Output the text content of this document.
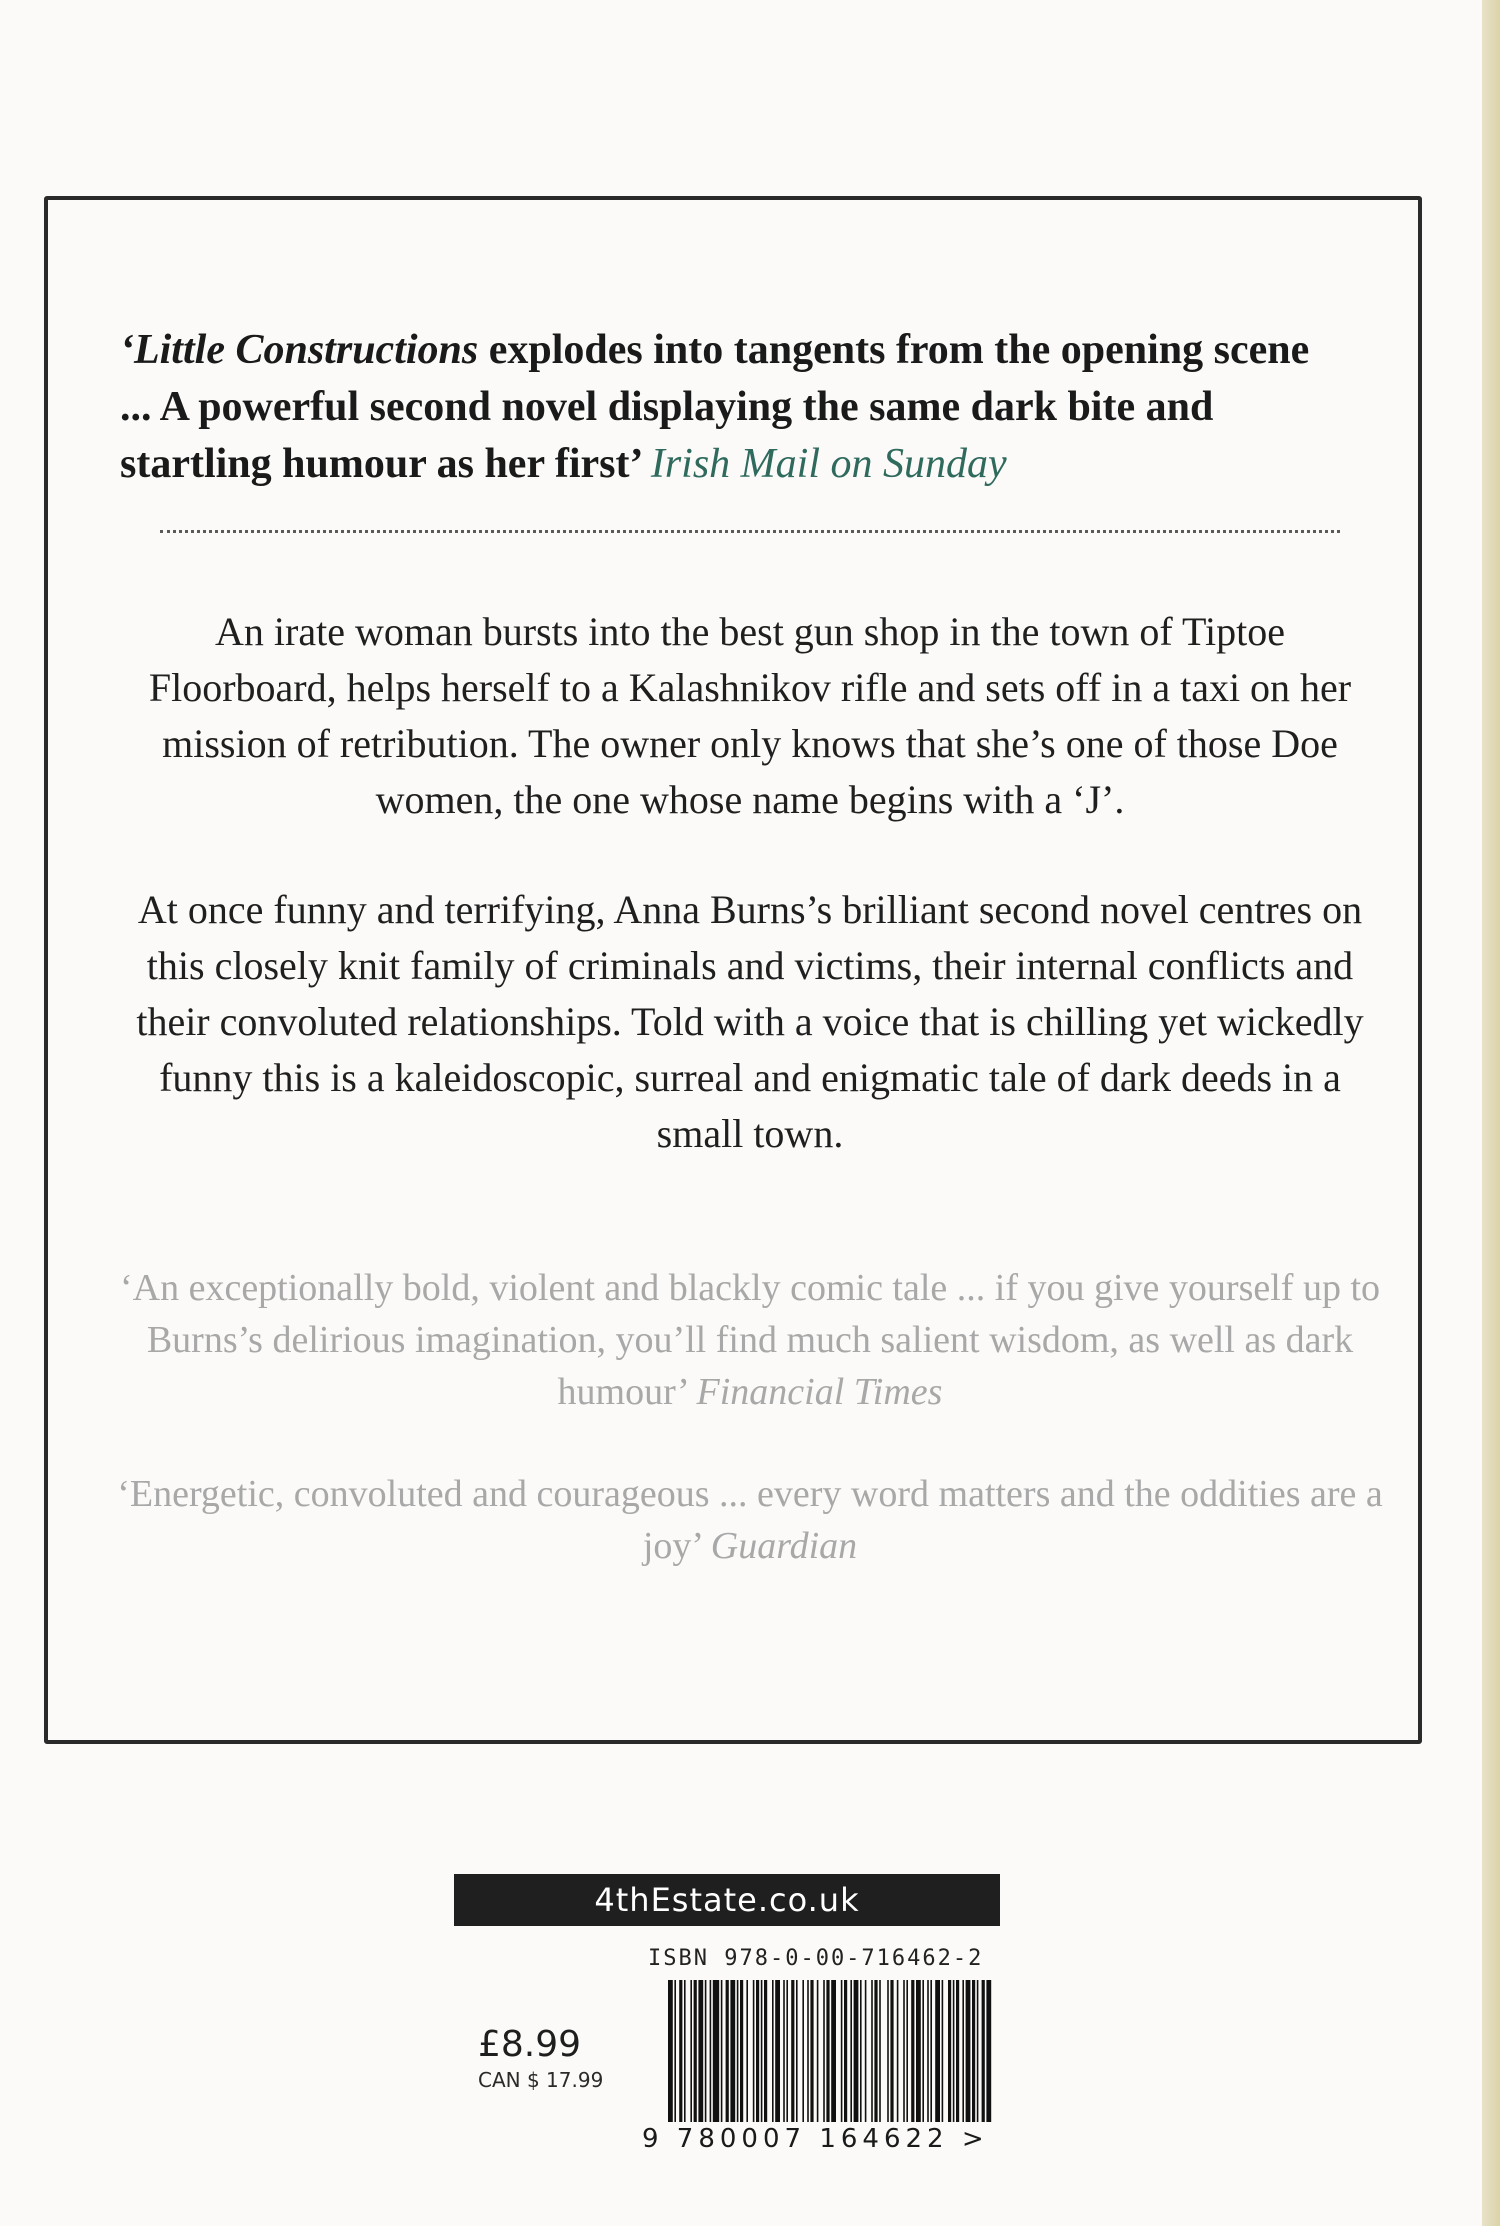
‘Little Constructions explodes into tangents from the opening scene ... A powerful second novel displaying the same dark bite and startling humour as her first’ Irish Mail on Sunday
An irate woman bursts into the best gun shop in the town of Tiptoe Floorboard, helps herself to a Kalashnikov rifle and sets off in a taxi on her mission of retribution. The owner only knows that she’s one of those Doe women, the one whose name begins with a ‘J’.
At once funny and terrifying, Anna Burns’s brilliant second novel centres on this closely knit family of criminals and victims, their internal conflicts and their convoluted relationships. Told with a voice that is chilling yet wickedly funny this is a kaleidoscopic, surreal and enigmatic tale of dark deeds in a small town.
‘An exceptionally bold, violent and blackly comic tale ... if you give yourself up to Burns’s delirious imagination, you’ll find much salient wisdom, as well as dark humour’ Financial Times
‘Energetic, convoluted and courageous ... every word matters and the oddities are a joy’ Guardian
4thEstate.co.uk
ISBN 978-0-00-716462-2
£8.99
CAN $ 17.99
9 780007 164622 >
